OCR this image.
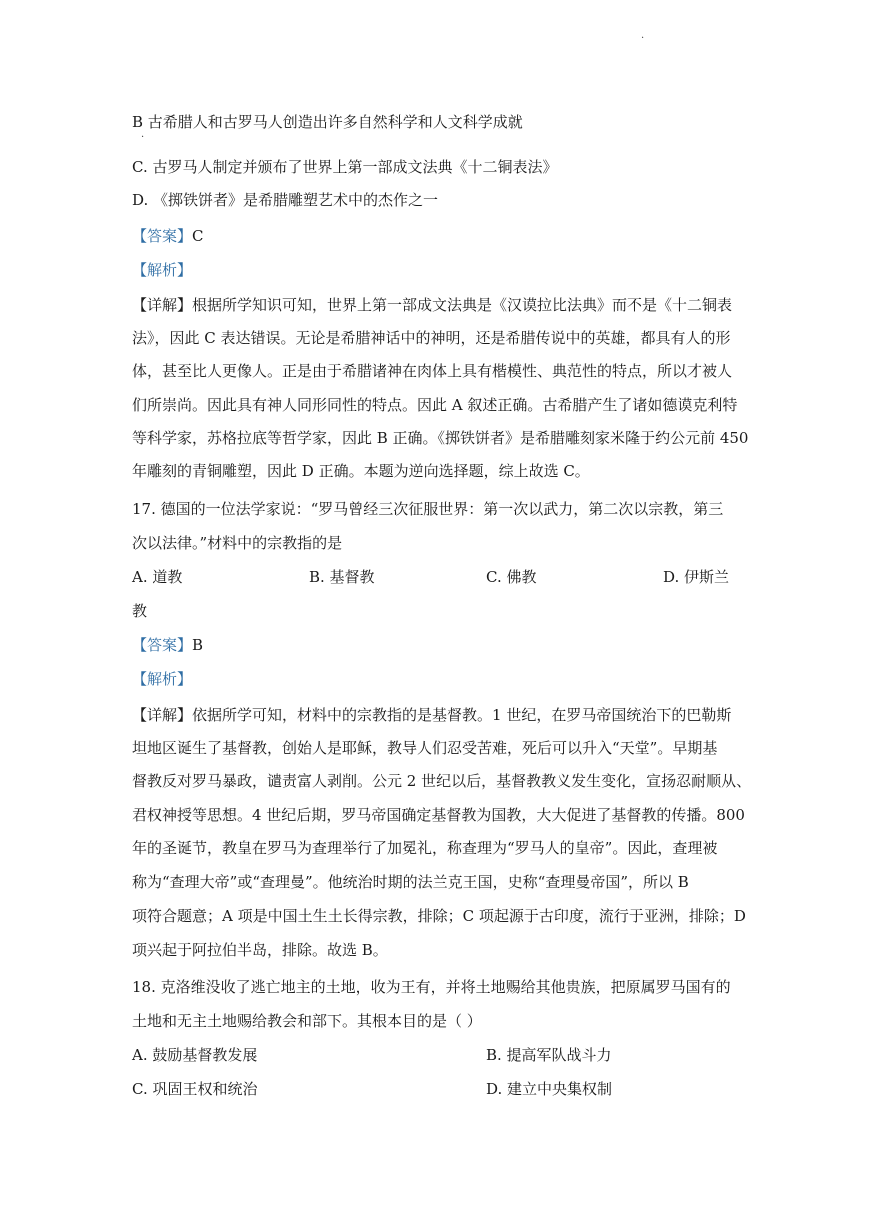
.
B 古希腊人和古罗马人创造出许多自然科学和人文科学成就
·
C. 古罗马人制定并颁布了世界上第一部成文法典《十二铜表法》
D. 《掷铁饼者》是希腊雕塑艺术中的杰作之一
【答案】C
【解析】
【详解】根据所学知识可知，世界上第一部成文法典是《汉谟拉比法典》而不是《十二铜表
法》，因此 C 表达错误。无论是希腊神话中的神明，还是希腊传说中的英雄，都具有人的形
体，甚至比人更像人。正是由于希腊诸神在肉体上具有楷模性、典范性的特点，所以才被人
们所崇尚。因此具有神人同形同性的特点。因此 A 叙述正确。古希腊产生了诸如德谟克利特
等科学家，苏格拉底等哲学家，因此 B 正确。《掷铁饼者》是希腊雕刻家米隆于约公元前 450
年雕刻的青铜雕塑，因此 D 正确。本题为逆向选择题，综上故选 C。
17. 德国的一位法学家说：“罗马曾经三次征服世界：第一次以武力，第二次以宗教，第三
次以法律。”材料中的宗教指的是
A. 道教	B. 基督教	C. 佛教	D. 伊斯兰
教
【答案】B
【解析】
【详解】依据所学可知，材料中的宗教指的是基督教。1 世纪，在罗马帝国统治下的巴勒斯
坦地区诞生了基督教，创始人是耶稣，教导人们忍受苦难，死后可以升入“天堂”。早期基
督教反对罗马暴政，谴责富人剥削。公元 2 世纪以后，基督教教义发生变化，宣扬忍耐顺从、
君权神授等思想。4 世纪后期，罗马帝国确定基督教为国教，大大促进了基督教的传播。800
年的圣诞节，教皇在罗马为查理举行了加冕礼，称查理为“罗马人的皇帝”。因此，查理被
称为“查理大帝”或“查理曼”。他统治时期的法兰克王国，史称“查理曼帝国”，所以 B
项符合题意；A 项是中国土生土长得宗教，排除；C 项起源于古印度，流行于亚洲，排除；D
项兴起于阿拉伯半岛，排除。故选 B。
18. 克洛维没收了逃亡地主的土地，收为王有，并将土地赐给其他贵族，把原属罗马国有的
土地和无主土地赐给教会和部下。其根本目的是（ ）
A. 鼓励基督教发展	B. 提高军队战斗力
C. 巩固王权和统治	D. 建立中央集权制
